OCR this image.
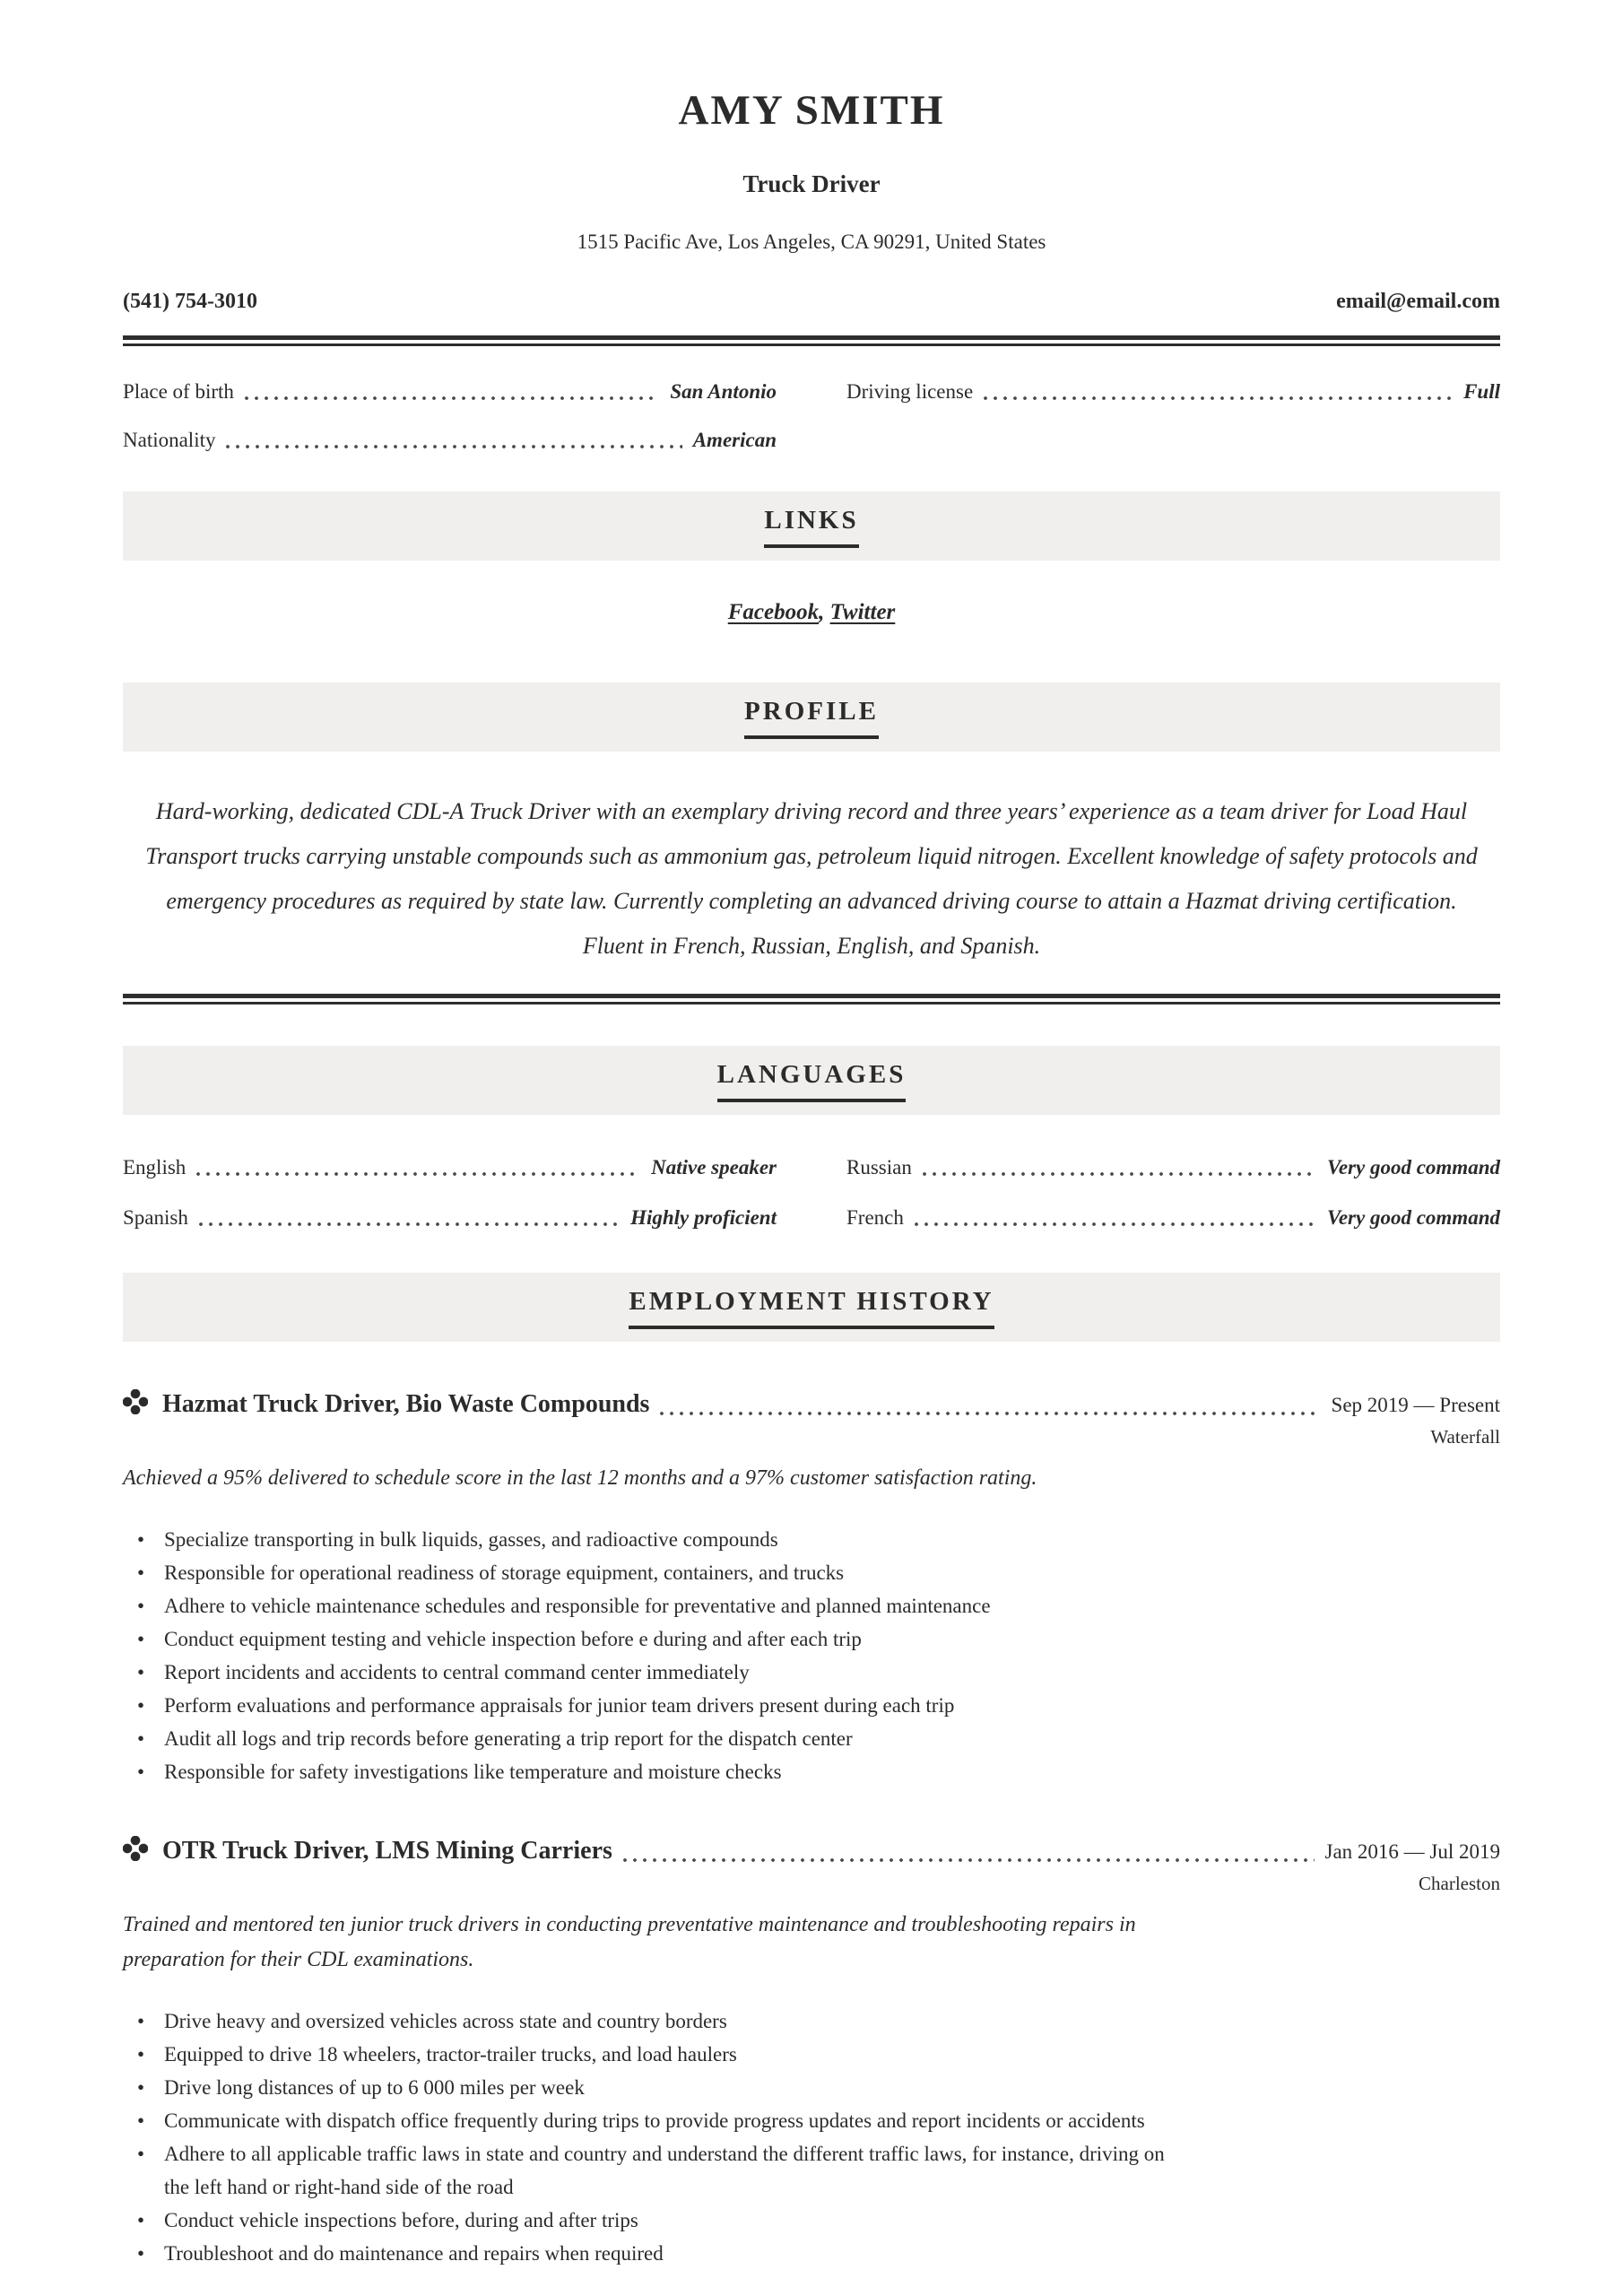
AMY SMITH
Truck Driver
1515 Pacific Ave, Los Angeles, CA 90291, United States
(541) 754-3010	email@email.com
Place of birth	San Antonio	Driving license	Full
Nationality	American
LINKS
Facebook, Twitter
PROFILE

Hard-working, dedicated CDL-A Truck Driver with an exemplary driving record and three years’ experience as a team driver for Load Haul Transport trucks carrying unstable compounds such as ammonium gas, petroleum liquid nitrogen. Excellent knowledge of safety protocols and emergency procedures as required by state law. Currently completing an advanced driving course to attain a Hazmat driving certification. Fluent in French, Russian, English, and Spanish.

LANGUAGES
English	Native speaker	Russian	Very good command
Spanish	Highly proficient	French	Very good command
EMPLOYMENT HISTORY
Hazmat Truck Driver, Bio Waste Compounds	Sep 2019 — Present
Waterfall

Achieved a 95% delivered to schedule score in the last 12 months and a 97% customer satisfaction rating.

• Specialize transporting in bulk liquids, gasses, and radioactive compounds
• Responsible for operational readiness of storage equipment, containers, and trucks
• Adhere to vehicle maintenance schedules and responsible for preventative and planned maintenance
• Conduct equipment testing and vehicle inspection before e during and after each trip
• Report incidents and accidents to central command center immediately
• Perform evaluations and performance appraisals for junior team drivers present during each trip
• Audit all logs and trip records before generating a trip report for the dispatch center
• Responsible for safety investigations like temperature and moisture checks
OTR Truck Driver, LMS Mining Carriers	Jan 2016 — Jul 2019
Charleston

Trained and mentored ten junior truck drivers in conducting preventative maintenance and troubleshooting repairs in preparation for their CDL examinations.

• Drive heavy and oversized vehicles across state and country borders
• Equipped to drive 18 wheelers, tractor-trailer trucks, and load haulers
• Drive long distances of up to 6 000 miles per week
• Communicate with dispatch office frequently during trips to provide progress updates and report incidents or accidents
• Adhere to all applicable traffic laws in state and country and understand the different traffic laws, for instance, driving on the left hand or right-hand side of the road
• Conduct vehicle inspections before, during and after trips
• Troubleshoot and do maintenance and repairs when required
